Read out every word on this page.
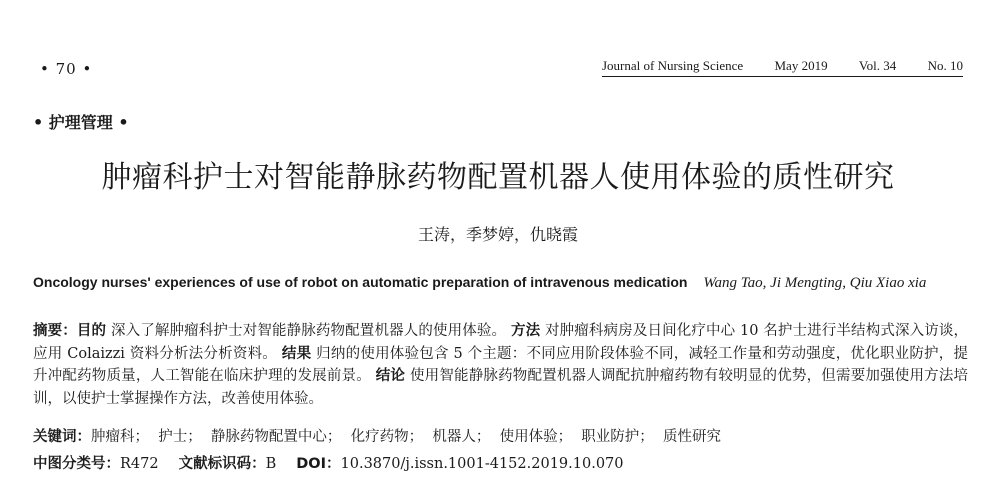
• 70 •	Journal of Nursing Science May 2019 Vol. 34 No. 10
• 护理管理 •
肿瘤科护士对智能静脉药物配置机器人使用体验的质性研究
王涛，季梦婷，仇晓霞
Oncology nurses' experiences of use of robot on automatic preparation of intravenous medication Wang Tao, Ji Mengting, Qiu Xiao xia
摘要：目的 深入了解肿瘤科护士对智能静脉药物配置机器人的使用体验。 方法 对肿瘤科病房及日间化疗中心 10 名护士进行半结构式深入访谈，应用 Colaizzi 资料分析法分析资料。 结果 归纳的使用体验包含 5 个主题：不同应用阶段体验不同，减轻工作量和劳动强度，优化职业防护，提升冲配药物质量，人工智能在临床护理的发展前景。 结论 使用智能静脉药物配置机器人调配抗肿瘤药物有较明显的优势，但需要加强使用方法培训，以使护士掌握操作方法，改善使用体验。
关键词：肿瘤科；  护士；  静脉药物配置中心；  化疗药物；  机器人；  使用体验；  职业防护；  质性研究
中图分类号：R472 文献标识码：B DOI：10.3870/j.issn.1001-4152.2019.10.070
